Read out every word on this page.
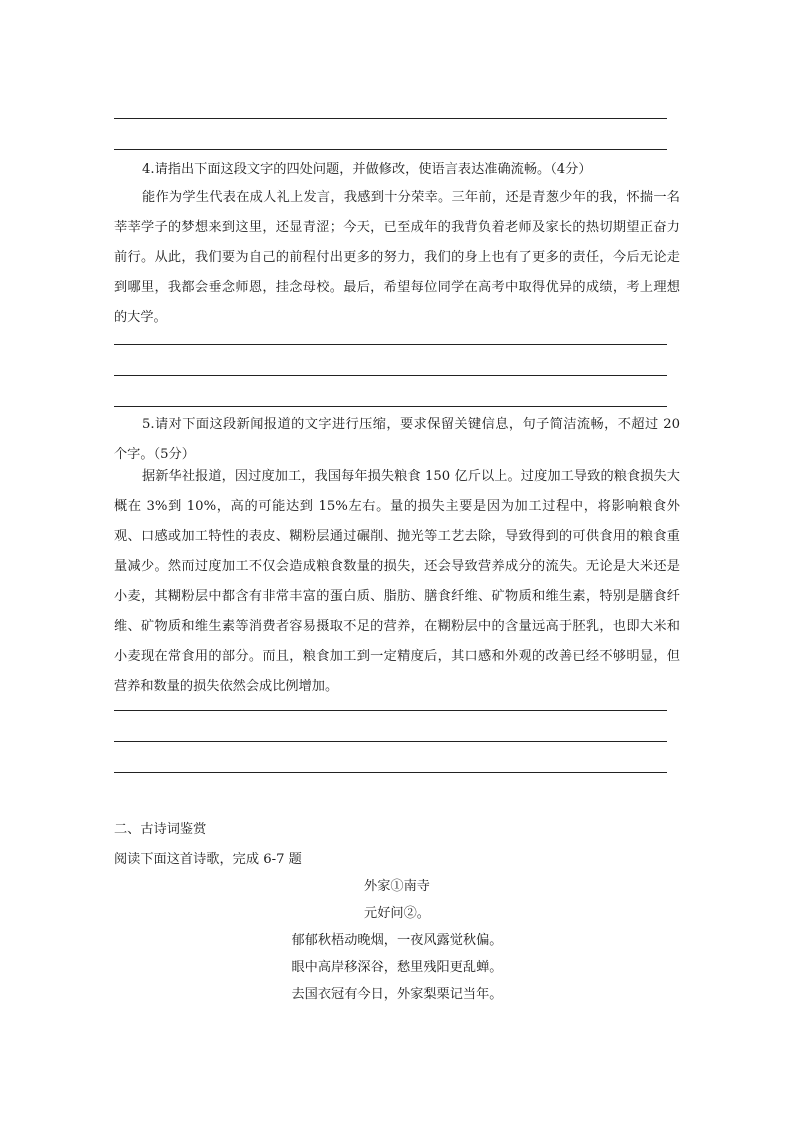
4.请指出下面这段文字的四处问题，并做修改，使语言表达准确流畅。（4分）

能作为学生代表在成人礼上发言，我感到十分荣幸。三年前，还是青葱少年的我，怀揣一名莘莘学子的梦想来到这里，还显青涩；今天，已至成年的我背负着老师及家长的热切期望正奋力前行。从此，我们要为自己的前程付出更多的努力，我们的身上也有了更多的责任，今后无论走到哪里，我都会垂念师恩，挂念母校。最后，希望每位同学在高考中取得优异的成绩，考上理想的大学。

5.请对下面这段新闻报道的文字进行压缩，要求保留关键信息，句子简洁流畅，不超过 20 个字。（5分）

据新华社报道，因过度加工，我国每年损失粮食 150 亿斤以上。过度加工导致的粮食损失大概在 3%到 10%，高的可能达到 15%左右。量的损失主要是因为加工过程中，将影响粮食外观、口感或加工特性的表皮、糊粉层通过碾削、抛光等工艺去除，导致得到的可供食用的粮食重量减少。然而过度加工不仅会造成粮食数量的损失，还会导致营养成分的流失。无论是大米还是小麦，其糊粉层中都含有非常丰富的蛋白质、脂肪、膳食纤维、矿物质和维生素，特别是膳食纤维、矿物质和维生素等消费者容易摄取不足的营养，在糊粉层中的含量远高于胚乳，也即大米和小麦现在常食用的部分。而且，粮食加工到一定精度后，其口感和外观的改善已经不够明显，但营养和数量的损失依然会成比例增加。

二、古诗词鉴赏

阅读下面这首诗歌，完成 6-7 题

外家①南寺

元好问②。

郁郁秋梧动晚烟，一夜风露觉秋偏。

眼中高岸移深谷，愁里残阳更乱蝉。

去国衣冠有今日，外家梨栗记当年。
